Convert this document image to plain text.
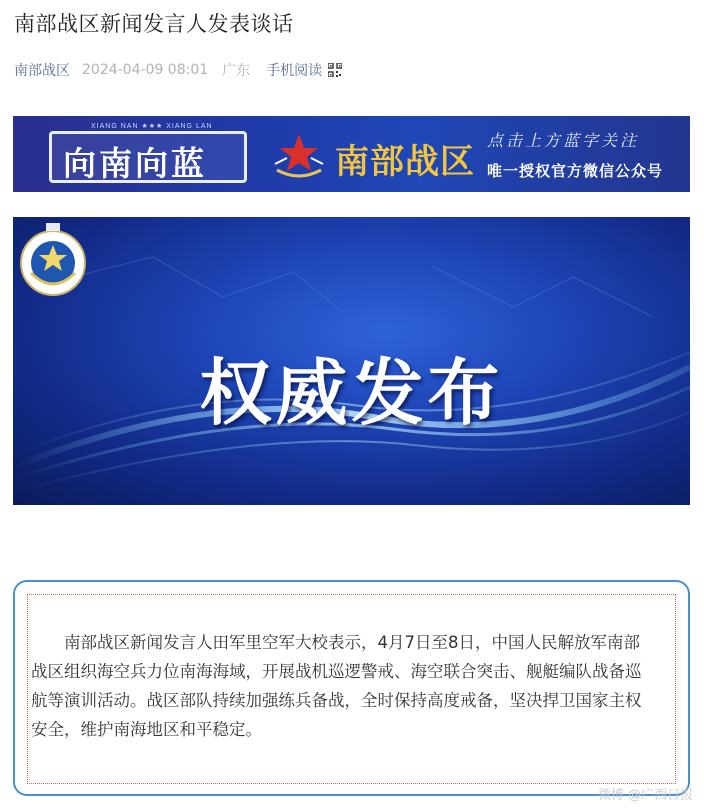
南部战区新闻发言人发表谈话
南部战区 2024-04-09 08:01 广东 手机阅读
XIANG NAN ★★★ XIANG LAN
向南向蓝	南部战区
点击上方蓝字关注
唯一授权官方微信公众号
权威发布
南部战区新闻发言人田军里空军大校表示，4月7日至8日，中国人民解放军南部战区组织海空兵力位南海海域，开展战机巡逻警戒、海空联合突击、舰艇编队战备巡航等演训活动。战区部队持续加强练兵备战，全时保持高度戒备，坚决捍卫国家主权安全，维护南海地区和平稳定。
微博 @广西日报
